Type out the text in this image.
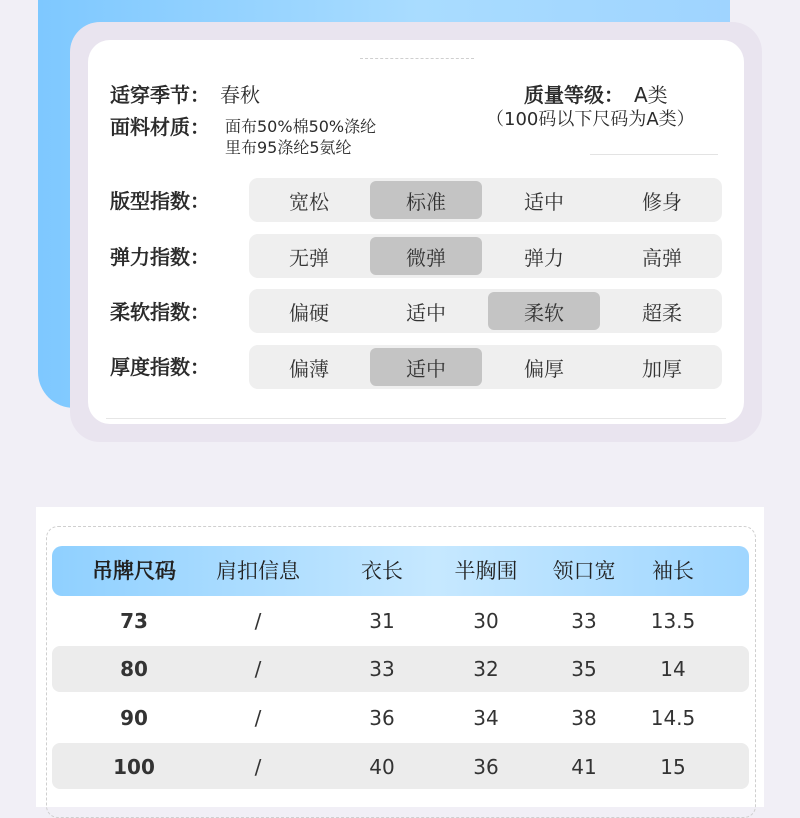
适穿季节： 春秋
面料材质： 面布50%棉50%涤纶
里布95涤纶5氨纶
质量等级： A类
（100码以下尺码为A类）
版型指数：	宽松	标准	适中	修身
弹力指数：	无弹	微弹	弹力	高弹
柔软指数：	偏硬	适中	柔软	超柔
厚度指数：	偏薄	适中	偏厚	加厚
吊牌尺码 肩扣信息	衣长 半胸围 领口宽 袖长
73	/	31	30	33	13.5
80	/	33	32	35	14
90	/	36	34	38	14.5
100	/	40	36	41	15
